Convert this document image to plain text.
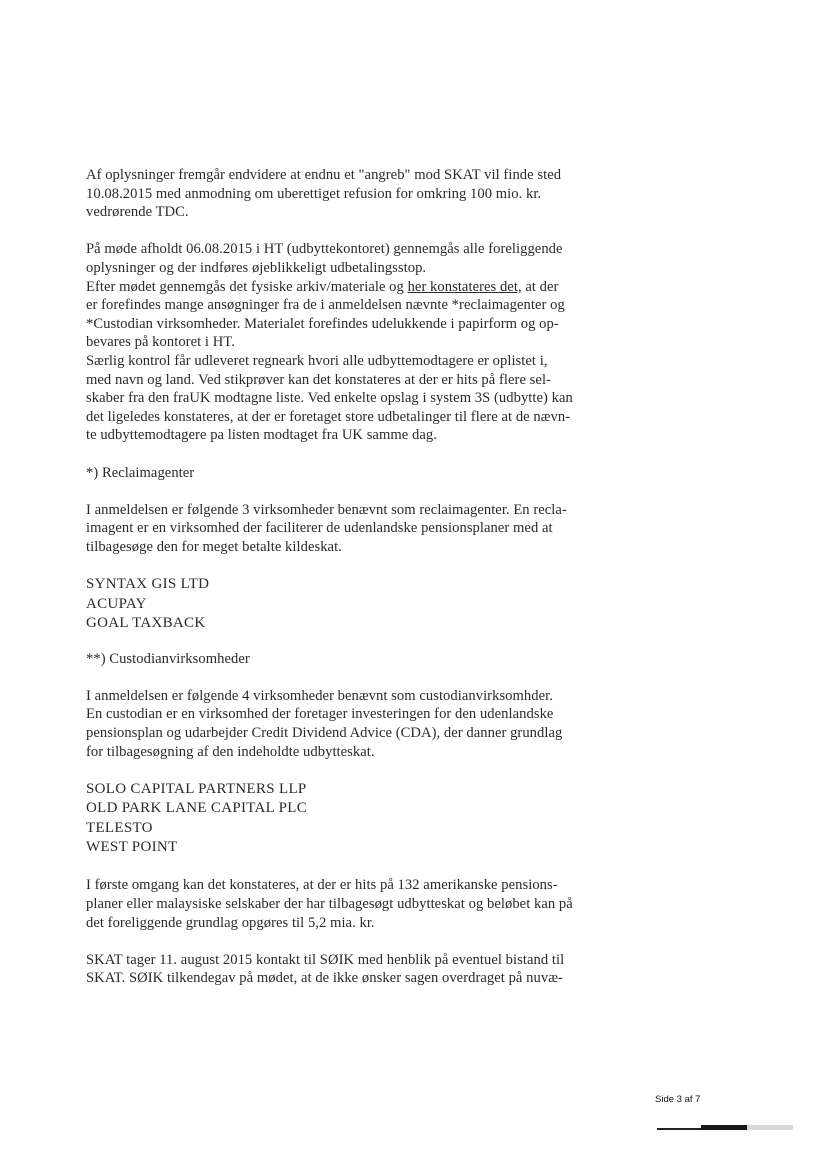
Af oplysninger fremgår endvidere at endnu et "angreb" mod SKAT vil finde sted

10.08.2015 med anmodning om uberettiget refusion for omkring 100 mio. kr.

vedrørende TDC.

På møde afholdt 06.08.2015 i HT (udbyttekontoret) gennemgås alle foreliggende

oplysninger og der indføres øjeblikkeligt udbetalingsstop.

Efter mødet gennemgås det fysiske arkiv/materiale og her konstateres det, at der

er forefindes mange ansøgninger fra de i anmeldelsen nævnte *reclaimagenter og

*Custodian virksomheder. Materialet forefindes udelukkende i papirform og op-

bevares på kontoret i HT.

Særlig kontrol får udleveret regneark hvori alle udbyttemodtagere er oplistet i,

med navn og land. Ved stikprøver kan det konstateres at der er hits på flere sel-

skaber fra den fraUK modtagne liste. Ved enkelte opslag i system 3S (udbytte) kan

det ligeledes konstateres, at der er foretaget store udbetalinger til flere at de nævn-

te udbyttemodtagere pa listen modtaget fra UK samme dag.

*) Reclaimagenter

I anmeldelsen er følgende 3 virksomheder benævnt som reclaimagenter. En recla-

imagent er en virksomhed der faciliterer de udenlandske pensionsplaner med at

tilbagesøge den for meget betalte kildeskat.

SYNTAX GIS LTD

ACUPAY

GOAL TAXBACK

**) Custodianvirksomheder

I anmeldelsen er følgende 4 virksomheder benævnt som custodianvirksomhder.

En custodian er en virksomhed der foretager investeringen for den udenlandske

pensionsplan og udarbejder Credit Dividend Advice (CDA), der danner grundlag

for tilbagesøgning af den indeholdte udbytteskat.

SOLO CAPITAL PARTNERS LLP

OLD PARK LANE CAPITAL PLC

TELESTO

WEST POINT

I første omgang kan det konstateres, at der er hits på 132 amerikanske pensions-

planer eller malaysiske selskaber der har tilbagesøgt udbytteskat og beløbet kan på

det foreliggende grundlag opgøres til 5,2 mia. kr.

SKAT tager 11. august 2015 kontakt til SØIK med henblik på eventuel bistand til

SKAT. SØIK tilkendegav på mødet, at de ikke ønsker sagen overdraget på nuvæ-

Side 3 af 7
